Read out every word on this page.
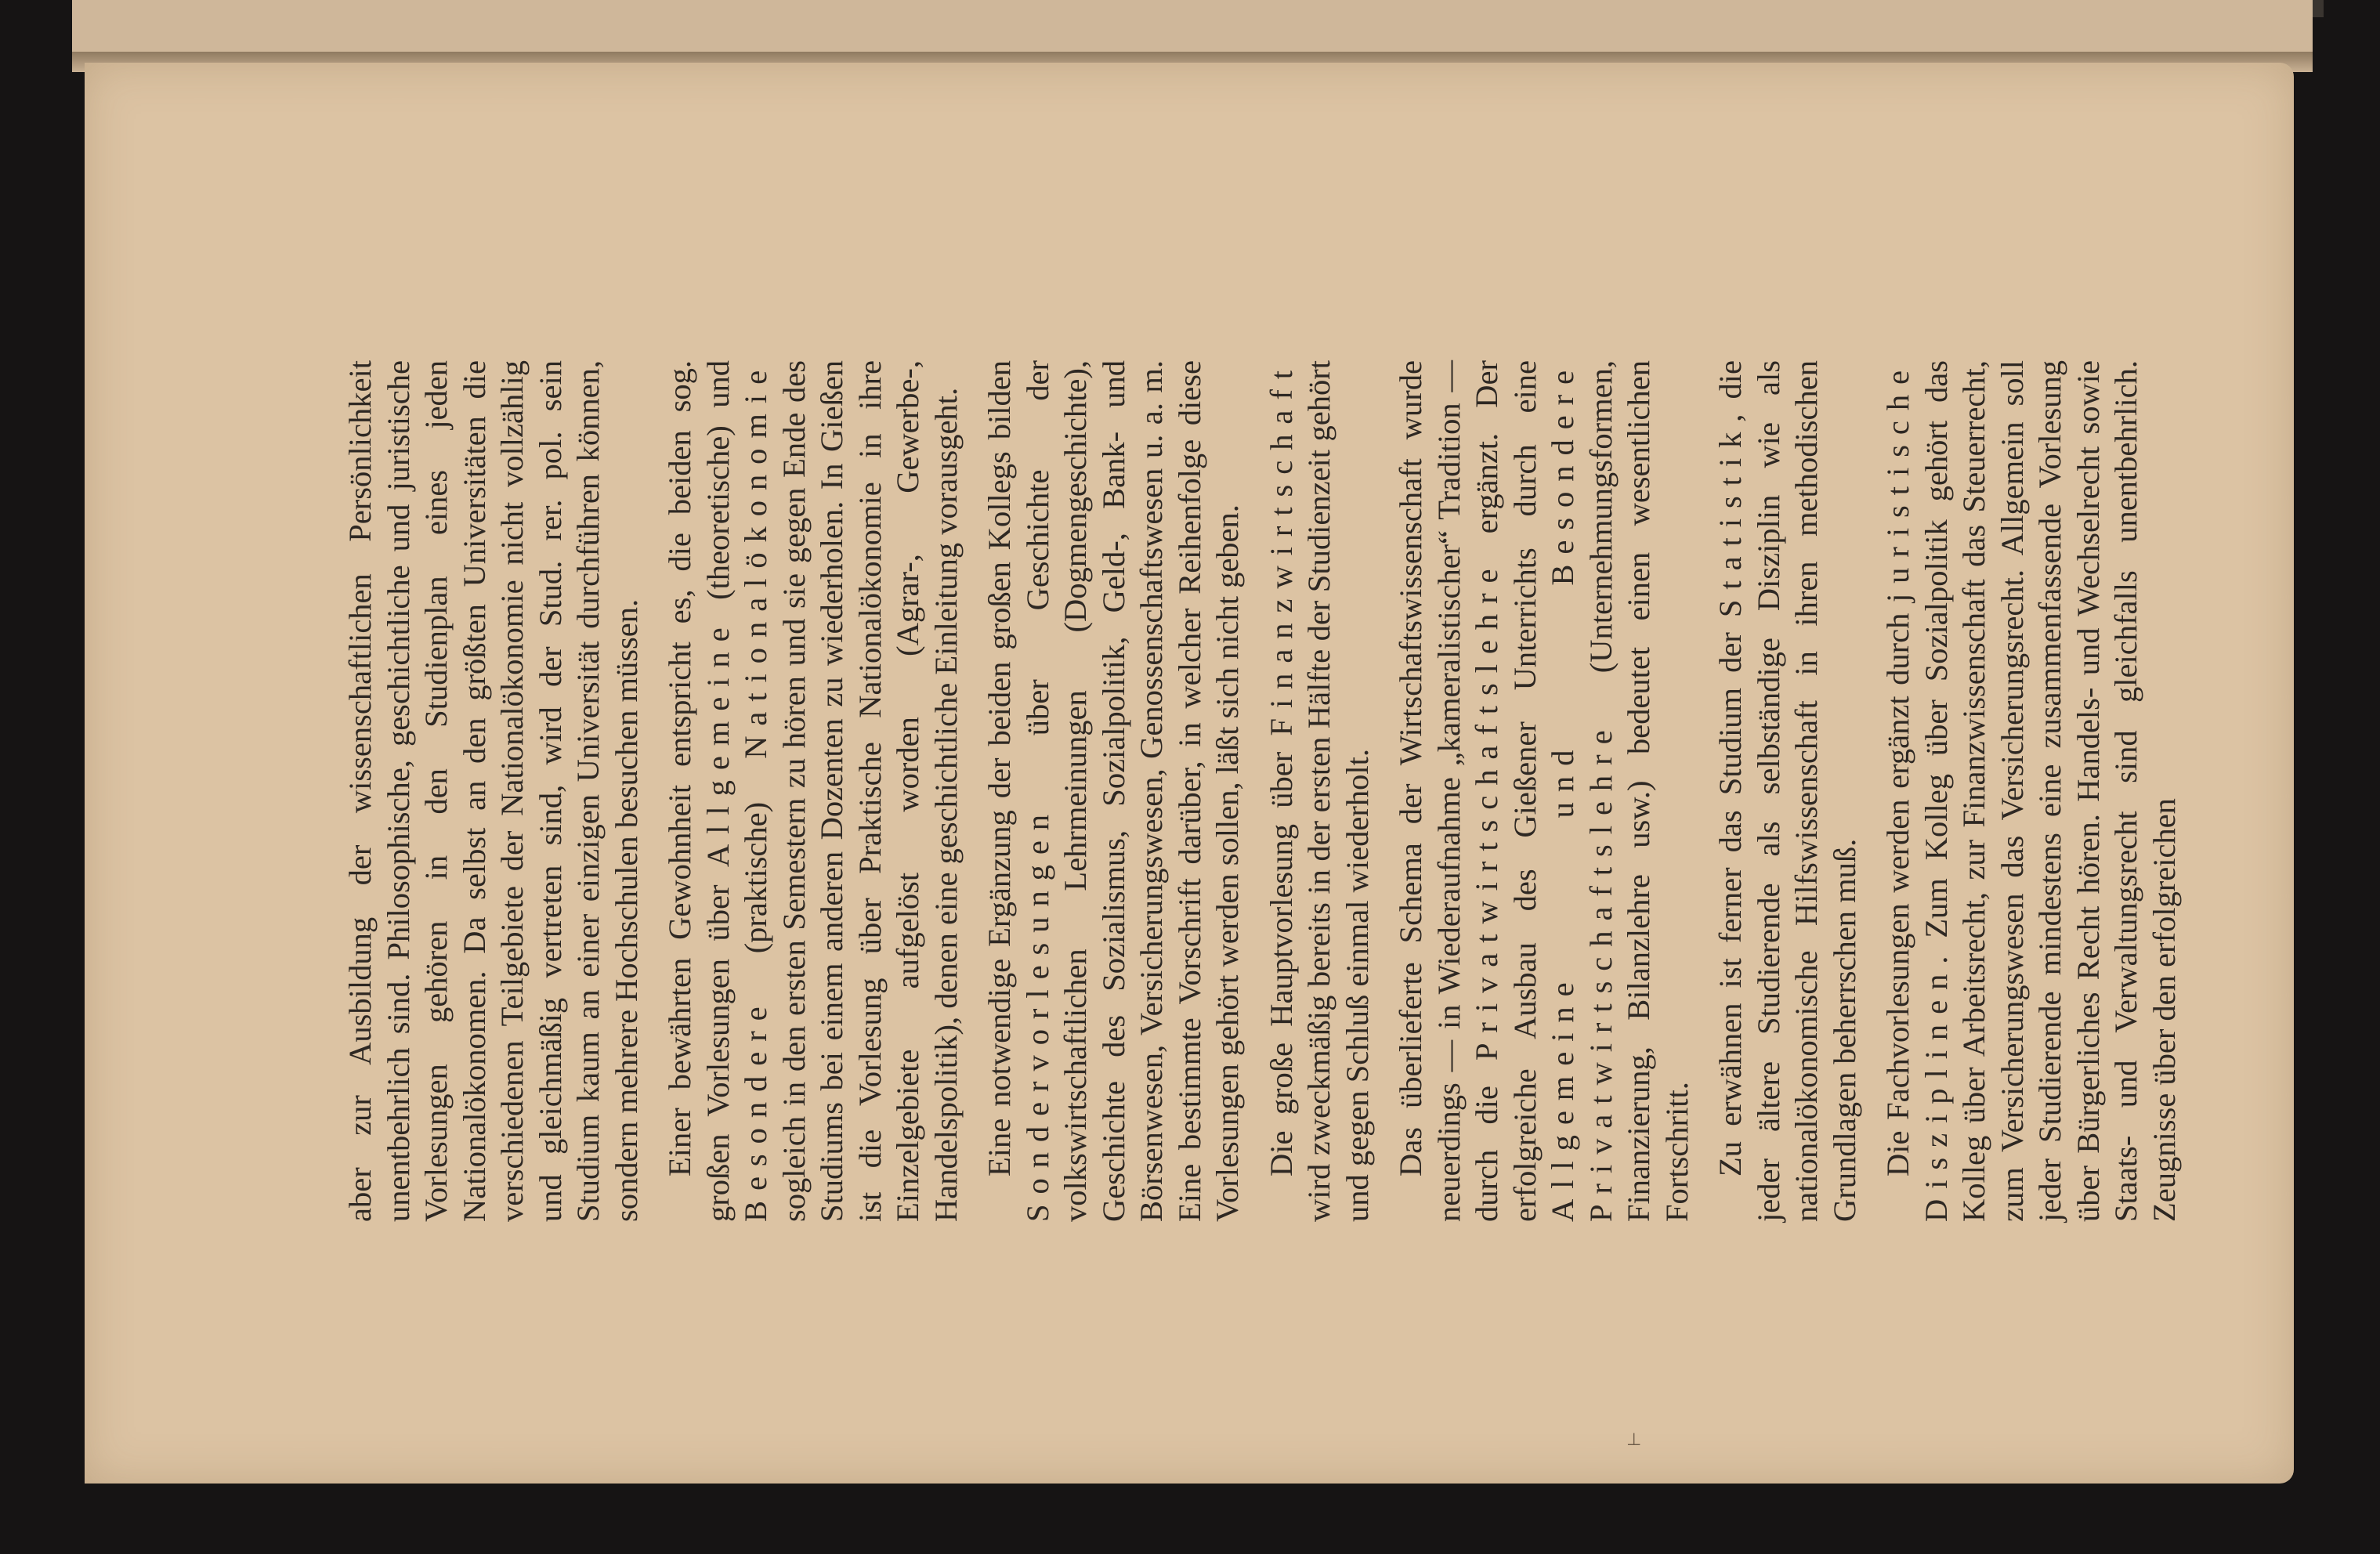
aber zur Ausbildung der wissenschaftlichen Persönlichkeit unentbehrlich sind. Philosophische, geschichtliche und juristische Vorlesungen gehören in den Studienplan eines jeden Nationalökonomen. Da selbst an den größten Universitäten die verschiedenen Teilgebiete der Nationalökonomie nicht vollzählig und gleichmäßig vertreten sind, wird der Stud. rer. pol. sein Studium kaum an einer einzigen Universität durchführen können, sondern mehrere Hochschulen besuchen müssen. Einer bewährten Gewohnheit entspricht es, die beiden sog. großen Vorlesungen über Allgemeine (theoretische) und Besondere (praktische) Nationalökonomie sogleich in den ersten Semestern zu hören und sie gegen Ende des Studiums bei einem anderen Dozenten zu wiederholen. In Gießen ist die Vorlesung über Praktische Nationalökonomie in ihre Einzelgebiete aufgelöst worden (Agrar-, Gewerbe-, Handelspolitik), denen eine geschichtliche Einleitung vorausgeht. Eine notwendige Ergänzung der beiden großen Kollegs bilden Sondervorlesungen über Geschichte der volkswirtschaftlichen Lehrmeinungen (Dogmengeschichte), Geschichte des Sozialismus, Sozialpolitik, Geld-, Bank- und Börsenwesen, Versicherungswesen, Genossenschaftswesen u. a. m. Eine bestimmte Vorschrift darüber, in welcher Reihenfolge diese Vorlesungen gehört werden sollen, läßt sich nicht geben. Die große Hauptvorlesung über Finanzwirtschaft wird zweckmäßig bereits in der ersten Hälfte der Studienzeit gehört und gegen Schluß einmal wiederholt. Das überlieferte Schema der Wirtschaftswissenschaft wurde neuerdings — in Wiederaufnahme „kameralistischer“ Tradition — durch die Privatwirtschaftslehre ergänzt. Der erfolgreiche Ausbau des Gießener Unterrichts durch eine Allgemeine und Besondere Privatwirtschaftslehre (Unternehmungsformen, Finanzierung, Bilanzlehre usw.) bedeutet einen wesentlichen Fortschritt. Zu erwähnen ist ferner das Studium der Statistik, die jeder ältere Studierende als selbständige Disziplin wie als nationalökonomische Hilfswissenschaft in ihren methodischen Grundlagen beherrschen muß. Die Fachvorlesungen werden ergänzt durch juristische Disziplinen. Zum Kolleg über Sozialpolitik gehört das Kolleg über Arbeitsrecht, zur Finanzwissenschaft das Steuerrecht, zum Versicherungswesen das Versicherungsrecht. Allgemein soll jeder Studierende mindestens eine zusammenfassende Vorlesung über Bürgerliches Recht hören. Handels- und Wechselrecht sowie Staats- und Verwaltungsrecht sind gleichfalls unentbehrlich. Zeugnisse über den erfolgreichen

⊥
